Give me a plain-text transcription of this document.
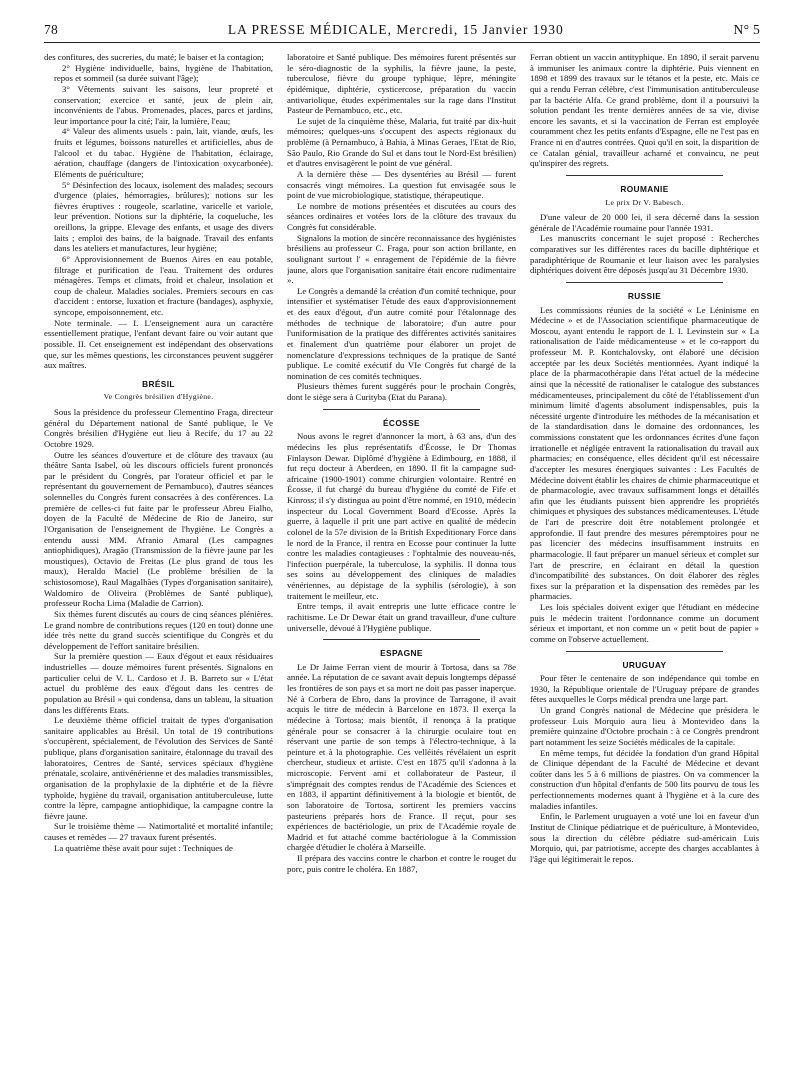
78	LA PRESSE MÉDICALE, Mercredi, 15 Janvier 1930	N° 5

des confitures, des sucreries, du maté; le baiser et la contagion;

2° Hygiène individuelle, bains, hygiène de l'habitation, repos et sommeil (sa durée suivant l'âge);

3° Vêtements suivant les saisons, leur propreté et conservation; exercice et santé, jeux de plein air, inconvénients de l'abus. Promenades, places, parcs et jardins, leur importance pour la cité; l'air, la lumière, l'eau;

4° Valeur des aliments usuels : pain, lait, viande, œufs, les fruits et légumes, boissons naturelles et artificielles, abus de l'alcool et du tabac. Hygiène de l'habitation, éclairage, aération, chauffage (dangers de l'intoxication oxycarbonée). Eléments de puériculture;

5° Désinfection des locaux, isolement des malades; secours d'urgence (plaies, hémorragies, brûlures); notions sur les fièvres éruptives : rougeole, scarlatine, varicelle et variole, leur prévention. Notions sur la diphtérie, la coqueluche, les oreillons, la grippe. Elevage des enfants, et usage des divers laits ; emploi des bains, de la baignade. Travail des enfants dans les ateliers et manufactures, leur hygiène;

6° Approvisionnement de Buenos Aires en eau potable, filtrage et purification de l'eau. Traitement des ordures ménagères. Temps et climats, froid et chaleur, insolation et coup de chaleur. Maladies sociales. Premiers secours en cas d'accident : entorse, luxation et fracture (bandages), asphyxie, syncope, empoisonnement, etc.

Note terminale. — I. L'enseignement aura un caractère essentiellement pratique, l'enfant devant faire ou voir autant que possible. II. Cet enseignement est indépendant des observations que, sur les mêmes questions, les circonstances peuvent suggérer aux maîtres.

BRÉSIL
Ve Congrès brésilien d'Hygiène.

Sous la présidence du professeur Clementino Fraga, directeur général du Département national de Santé publique, le Ve Congrès brésilien d'Hygiène eut lieu à Recife, du 17 au 22 Octobre 1929.

Outre les séances d'ouverture et de clôture des travaux (au théâtre Santa Isabel, où les discours officiels furent prononcés par le président du Congrès, par l'orateur officiel et par le représentant du gouvernement de Pernambuco), d'autres séances solennelles du Congrès furent consacrées à des conférences. La première de celles-ci fut faite par le professeur Abreu Fialho, doyen de la Faculté de Médecine de Rio de Janeiro, sur l'Organisation de l'enseignement de l'hygiène. Le Congrès a entendu aussi MM. Afranio Amaral (Les campagnes antiophidiques), Aragão (Transmission de la fièvre jaune par les moustiques), Octavio de Freitas (Le plus grand de tous les maux), Heraldo Maciel (Le problème brésilien de la schistosomose), Raul Magalhães (Types d'organisation sanitaire), Waldomiro de Oliveira (Problèmes de Santé publique), professeur Rocha Lima (Maladie de Carrion).

Six thèmes furent discutés au cours de cinq séances plénières. Le grand nombre de contributions reçues (120 en tout) donne une idée très nette du grand succès scientifique du Congrès et du développement de l'effort sanitaire brésilien.

Sur la première question — Eaux d'égout et eaux résiduaires industrielles — douze mémoires furent présentés. Signalons en particulier celui de V. L. Cardoso et J. B. Barreto sur « L'état actuel du problème des eaux d'égout dans les centres de population au Brésil » qui condensa, dans un tableau, la situation dans les différents Etats.

Le deuxième thème officiel traitait de types d'organisation sanitaire applicables au Brésil. Un total de 19 contributions s'occupèrent, spécialement, de l'évolution des Services de Santé publique, plans d'organisation sanitaire, étalonnage du travail des laboratoires, Centres de Santé, services spéciaux d'hygiène prénatale, scolaire, antivénérienne et des maladies transmissibles, organisation de la prophylaxie de la diphtérie et de la fièvre typhoïde, hygiène du travail, organisation antituberculeuse, lutte contre la lèpre, campagne antiophidique, la campagne contre la fièvre jaune.

Sur le troisième thème — Natimortalité et mortalité infantile; causes et remèdes — 27 travaux furent présentés.

La quatrième thèse avait pour sujet : Techniques de

laboratoire et Santé publique. Des mémoires furent présentés sur le séro-diagnostic de la syphilis, la fièvre jaune, la peste, tuberculose, fièvre du groupe typhique, lèpre, méningite épidémique, diphtérie, cysticercose, préparation du vaccin antivariolique, études expérimentales sur la rage dans l'Institut Pasteur de Pernambuco, etc., etc.

Le sujet de la cinquième thèse, Malaria, fut traité par dix-huit mémoires; quelques-uns s'occupent des aspects régionaux du problème (à Pernambuco, à Bahia, à Minas Geraes, l'Etat de Rio, São Paulo, Rio Grande do Sul et dans tout le Nord-Est brésilien) et d'autres envisagèrent le point de vue général.

A la dernière thèse — Des dysentéries au Brésil — furent consacrés vingt mémoires. La question fut envisagée sous le point de vue microbiologique, statistique, thérapeutique.

Le nombre de motions présentées et discutées au cours des séances ordinaires et votées lors de la clôture des travaux du Congrès fut considérable.

Signalons la motion de sincère reconnaissance des hygiénistes brésiliens au professeur C. Fraga, pour son action brillante, en soulignant surtout l' « enragement de l'épidémie de la fièvre jaune, alors que l'organisation sanitaire était encore rudimentaire ».

Le Congrès a demandé la création d'un comité technique, pour intensifier et systématiser l'étude des eaux d'approvisionnement et des eaux d'égout, d'un autre comité pour l'étalonnage des méthodes de technique de laboratoire; d'un autre pour l'uniformisation de la pratique des différentes activités sanitaires et finalement d'un quatrième pour élaborer un projet de nomenclature d'expressions techniques de la pratique de Santé publique. Le comité exécutif du VIe Congrès fut chargé de la nomination de ces comités techniques.

Plusieurs thèmes furent suggérés pour le prochain Congrès, dont le siège sera à Curityba (Etat du Parana).

ÉCOSSE

Nous avons le regret d'annoncer la mort, à 63 ans, d'un des médecins les plus représentatifs d'Écosse, le Dr Thomas Finlayson Dewar. Diplômé d'hygiène à Edimbourg, en 1888, il fut reçu docteur à Aberdeen, en 1890. Il fit la campagne sud-africaine (1900-1901) comme chirurgien volontaire. Rentré en Écosse, il fut chargé du bureau d'hygiène du comté de Fife et Kinross; il s'y distingua au point d'être nommé, en 1910, médecin inspecteur du Local Government Board d'Ecosse. Après la guerre, à laquelle il prit une part active en qualité de médecin colonel de la 57e division de la British Expeditionary Force dans le nord de la France, il rentra en Ecosse pour continuer la lutte contre les maladies contagieuses : l'ophtalmie des nouveau-nés, l'infection puerpérale, la tuberculose, la syphilis. Il donna tous ses soins au développement des cliniques de maladies vénériennes, au dépistage de la syphilis (sérologie), à son traitement le meilleur, etc.

Entre temps, il avait entrepris une lutte efficace contre le rachitisme. Le Dr Dewar était un grand travailleur, d'une culture universelle, dévoué à l'Hygiène publique.

ESPAGNE

Le Dr Jaime Ferran vient de mourir à Tortosa, dans sa 78e année. La réputation de ce savant avait depuis longtemps dépassé les frontières de son pays et sa mort ne doit pas passer inaperçue. Né à Corbera de Ebro, dans la province de Tarragone, il avait acquis le titre de médecin à Barcelone en 1873. Il exerça la médecine à Tortosa; mais bientôt, il renonça à la pratique générale pour se consacrer à la chirurgie oculaire tout en réservant une partie de son temps à l'électro-technique, à la peinture et à la photographie. Ces velléités révélaient un esprit chercheur, studieux et artiste. C'est en 1875 qu'il s'adonna à la microscopie. Fervent ami et collaborateur de Pasteur, il s'imprégnait des comptes rendus de l'Académie des Sciences et en 1883, il appartint définitivement à la biologie et bientôt, de son laboratoire de Tortosa, sortirent les premiers vaccins pasteuriens préparés hors de France. Il reçut, pour ses expériences de bactériologie, un prix de l'Académie royale de Madrid et fut attaché comme bactériologue à la Commission chargée d'étudier le choléra à Marseille.

Il prépara des vaccins contre le charbon et contre le rouget du porc, puis contre le choléra. En 1887,

Ferran obtient un vaccin antityphique. En 1890, il serait parvenu à immuniser les animaux contre la diphtérie. Puis viennent en 1898 et 1899 des travaux sur le tétanos et la peste, etc. Mais ce qui a rendu Ferran célèbre, c'est l'immunisation antituberculeuse par la bactérie Alfa. Ce grand problème, dont il a poursuivi la solution pendant les trente dernières années de sa vie, divise encore les savants, et si la vaccination de Ferran est employée couramment chez les petits enfants d'Espagne, elle ne l'est pas en France ni en d'autres contrées. Quoi qu'il en soit, la disparition de ce Catalan génial, travailleur acharné et convaincu, ne peut qu'inspirer des regrets.

ROUMANIE
Le prix Dr V. Babesch.

D'une valeur de 20 000 lei, il sera décerné dans la session générale de l'Académie roumaine pour l'année 1931.

Les manuscrits concernant le sujet proposé : Recherches comparatives sur les différentes races du bacille diphtérique et paradiphtérique de Roumanie et leur liaison avec les paralysies diphtériques doivent être déposés jusqu'au 31 Décembre 1930.

RUSSIE

Les commissions réunies de la société « Le Léninisme en Médecine » et de l'Association scientifique pharmaceutique de Moscou, ayant entendu le rapport de I. I. Levinstein sur « La rationalisation de l'aide médicamenteuse » et le co-rapport du professeur M. P. Kontchalovsky, ont élaboré une décision acceptée par les deux Sociétés mentionnées. Ayant indiqué la place de la pharmacothérapie dans l'état actuel de la médecine ainsi que la nécessité de rationaliser le catalogue des substances médicamenteuses, principalement du côté de l'établissement d'un minimum limité d'agents absolument indispensables, puis la nécessité urgente d'introduire les méthodes de la mécanisation et de la standardisation dans le domaine des ordonnances, les commissions constatent que les ordonnances écrites d'une façon irrationelle et négligée entravent la rationalisation du travail aux pharmacies; en conséquence, elles décident qu'il est nécessaire d'accepter les mesures énergiques suivantes : Les Facultés de Médecine doivent établir les chaires de chimie pharmaceutique et de pharmacologie, avec travaux suffisamment longs et détaillés afin que les étudiants puissent bien apprendre les propriétés chimiques et physiques des substances médicamenteuses. L'étude de l'art de prescrire doit être notablement prolongée et approfondie. Il faut prendre des mesures péremptoires pour ne pas licencier des médecins insuffisamment instruits en pharmacologie. Il faut préparer un manuel sérieux et complet sur l'art de prescrire, en éclairant en détail la question d'incompatibilité des substances. On doit élaborer des règles fixes sur la préparation et la dispensation des remèdes par les pharmacies.

Les lois spéciales doivent exiger que l'étudiant en médecine puis le médecin traitent l'ordonnance comme un document sérieux et important, et non comme un « petit bout de papier » comme on l'observe actuellement.

URUGUAY

Pour fêter le centenaire de son indépendance qui tombe en 1930, la République orientale de l'Uruguay prépare de grandes fêtes auxquelles le Corps médical prendra une large part.

Un grand Congrès national de Médecine que présidera le professeur Luis Morquio aura lieu à Montevideo dans la première quinzaine d'Octobre prochain : à ce Congrès prendront part notamment les seize Sociétés médicales de la capitale.

En même temps, fut décidée la fondation d'un grand Hôpital de Clinique dépendant de la Faculté de Médecine et devant coûter dans les 5 à 6 millions de piastres. On va commencer la construction d'un hôpital d'enfants de 500 lits pourvu de tous les perfectionnements modernes quant à l'hygiène et à la cure des maladies infantiles.

Enfin, le Parlement uruguayen a voté une loi en faveur d'un Institut de Clinique pédiatrique et de puériculture, à Montevideo, sous la direction du célèbre pédiatre sud-américain Luis Morquio, qui, par patriotisme, accepte des charges accablantes à l'âge qui légitimerait le repos.
